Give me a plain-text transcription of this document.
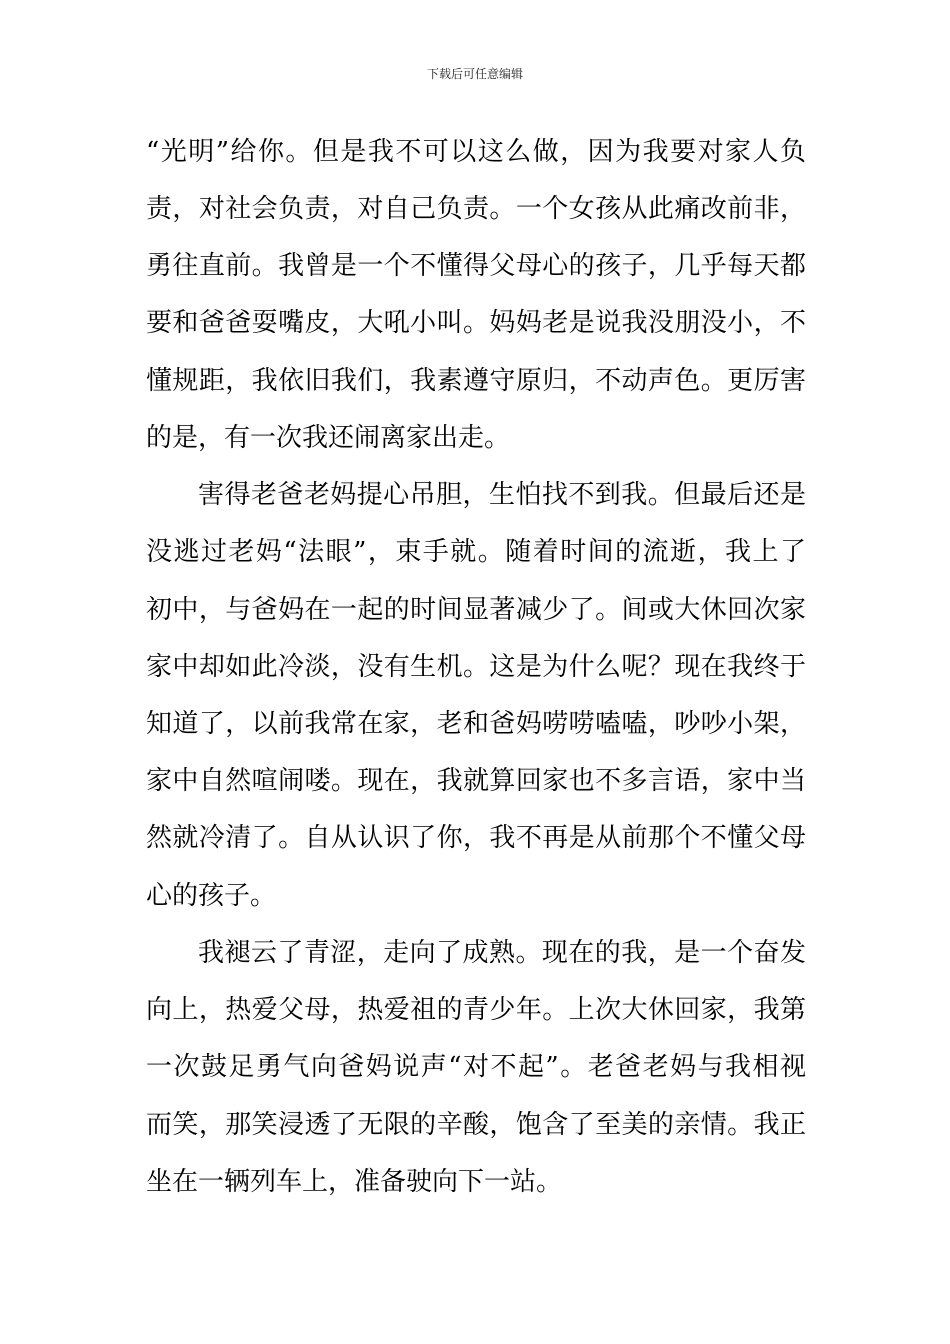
下载后可任意编辑
“光明”给你。但是我不可以这么做，因为我要对家人负
责，对社会负责，对自己负责。一个女孩从此痛改前非，
勇往直前。我曾是一个不懂得父母心的孩子，几乎每天都
要和爸爸耍嘴皮，大吼小叫。妈妈老是说我没朋没小，不
懂规距，我依旧我们，我素遵守原归，不动声色。更厉害
的是，有一次我还闹离家出走。
害得老爸老妈提心吊胆，生怕找不到我。但最后还是
没逃过老妈“法眼”，束手就。随着时间的流逝，我上了
初中，与爸妈在一起的时间显著减少了。间或大休回次家
家中却如此冷淡，没有生机。这是为什么呢？现在我终于
知道了，以前我常在家，老和爸妈唠唠嗑嗑，吵吵小架，
家中自然喧闹喽。现在，我就算回家也不多言语，家中当
然就冷清了。自从认识了你，我不再是从前那个不懂父母
心的孩子。
我褪云了青涩，走向了成熟。现在的我，是一个奋发
向上，热爱父母，热爱祖的青少年。上次大休回家，我第
一次鼓足勇气向爸妈说声“对不起”。老爸老妈与我相视
而笑，那笑浸透了无限的辛酸，饱含了至美的亲情。我正
坐在一辆列车上，准备驶向下一站。
